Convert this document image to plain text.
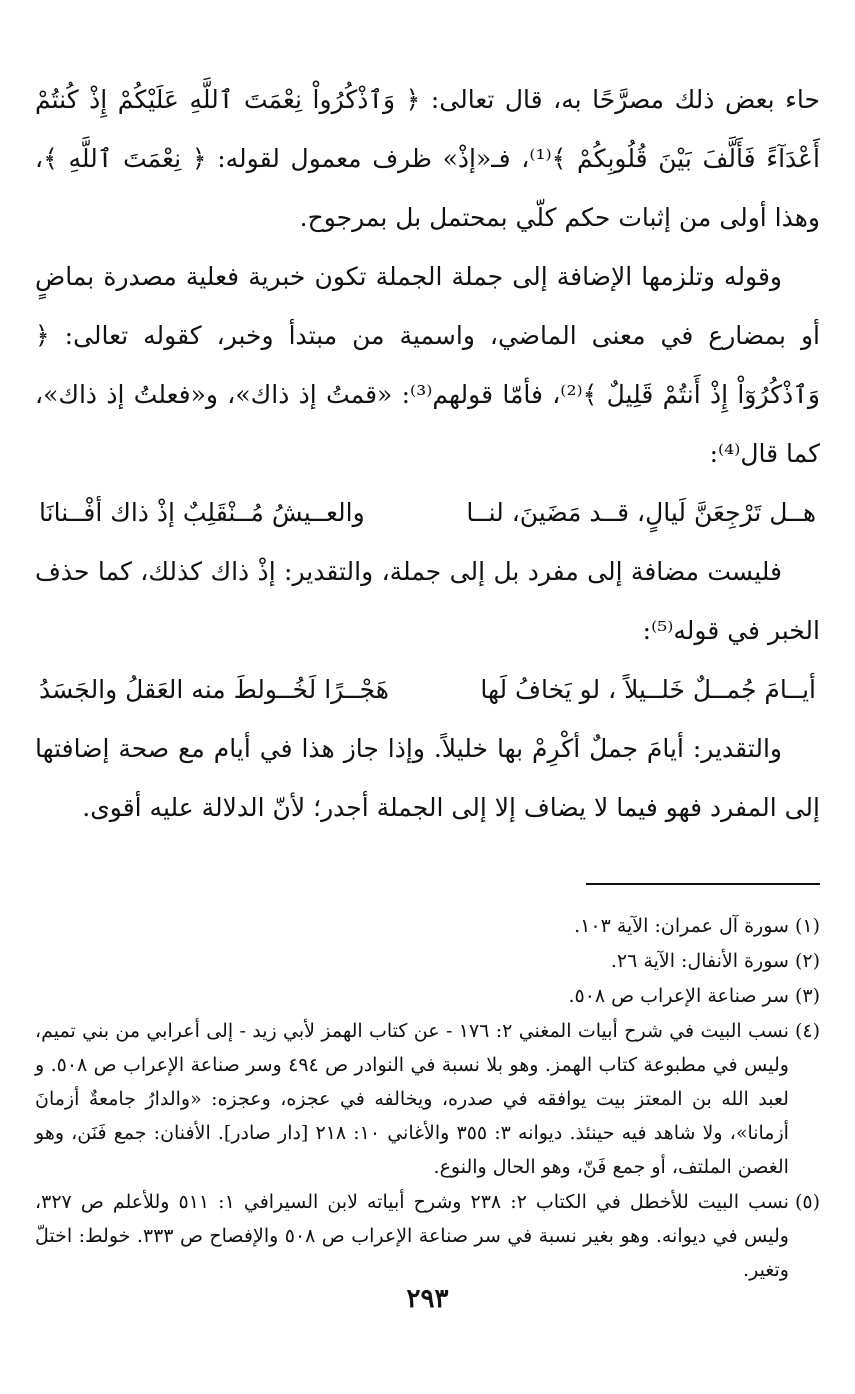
حاء بعض ذلك مصرَّحًا به، قال تعالى: ﴿ وَٱذْكُرُواْ نِعْمَتَ ٱللَّهِ عَلَيْكُمْ إِذْ كُنتُمْ أَعْدَآءً فَأَلَّفَ بَيْنَ قُلُوبِكُمْ ﴾⁽¹⁾، فـ«إذْ» ظرف معمول لقوله: ﴿ نِعْمَتَ ٱللَّهِ ﴾، وهذا أولى من إثبات حكم كلّي بمحتمل بل بمرجوح.

وقوله وتلزمها الإضافة إلى جملة الجملة تكون خبرية فعلية مصدرة بماضٍ أو بمضارع في معنى الماضي، واسمية من مبتدأ وخبر، كقوله تعالى: ﴿ وَٱذْكُرُوٓاْ إِذْ أَنتُمْ قَلِيلٌ ﴾⁽²⁾، فأمّا قولهم⁽³⁾: «قمتُ إذ ذاك»، و«فعلتُ إذ ذاك»، كما قال⁽⁴⁾:

هــل تَرْجِعَنَّ لَيالٍ، قــد مَضَينَ، لنــا
والعــيشُ مُــنْقَلِبٌ إذْ ذاك أفْــنانَا

فليست مضافة إلى مفرد بل إلى جملة، والتقدير: إذْ ذاك كذلك، كما حذف الخبر في قوله⁽⁵⁾:

أيــامَ جُمــلٌ خَلــيلاً ، لو يَخافُ لَها
هَجْــرًا لَخُــولطَ منه العَقلُ والجَسَدُ

والتقدير: أيامَ جملٌ أكْرِمْ بها خليلاً. وإذا جاز هذا في أيام مع صحة إضافتها إلى المفرد فهو فيما لا يضاف إلا إلى الجملة أجدر؛ لأنّ الدلالة عليه أقوى.

(١)
سورة آل عمران: الآية ١٠٣.
(٢)
سورة الأنفال: الآية ٢٦.
(٣)
سر صناعة الإعراب ص ٥٠٨.
(٤)
نسب البيت في شرح أبيات المغني ٢: ١٧٦ - عن كتاب الهمز لأبي زيد - إلى أعرابي من بني تميم، وليس في مطبوعة كتاب الهمز. وهو بلا نسبة في النوادر ص ٤٩٤ وسر صناعة الإعراب ص ٥٠٨. و لعبد الله بن المعتز بيت يوافقه في صدره، ويخالفه في عجزه، وعجزه: «والدارُ جامعةٌ أزمانَ أزمانا»، ولا شاهد فيه حينئذ. ديوانه ٣: ٣٥٥ والأغاني ١٠: ٢١٨ [دار صادر]. الأفنان: جمع فَنَن، وهو الغصن الملتف، أو جمع فَنّ، وهو الحال والنوع.
(٥)
نسب البيت للأخطل في الكتاب ٢: ٢٣٨ وشرح أبياته لابن السيرافي ١: ٥١١ وللأعلم ص ٣٢٧، وليس في ديوانه. وهو بغير نسبة في سر صناعة الإعراب ص ٥٠٨ والإفصاح ص ٣٣٣. خولط: اختلّ وتغير.
٢٩٣
